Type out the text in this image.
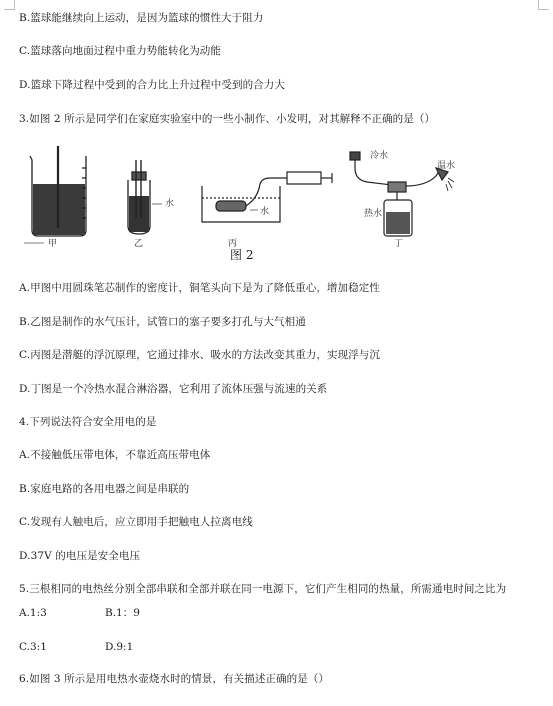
B.篮球能继续向上运动，是因为篮球的惯性大于阻力
C.篮球落向地面过程中重力势能转化为动能
D.篮球下降过程中受到的合力比上升过程中受到的合力大
3.如图 2 所示是同学们在家庭实验室中的一些小制作、小发明，对其解释不正确的是（）
甲
水
乙
水
丙
冷水
温水
热水
丁
图 2
A.甲图中用圆珠笔芯制作的密度计，铜笔头向下是为了降低重心，增加稳定性
B.乙图是制作的水气压计，试管口的塞子要多打孔与大气相通
C.丙图是潜艇的浮沉原理，它通过排水、吸水的方法改变其重力，实现浮与沉
D.丁图是一个冷热水混合淋浴器，它利用了流体压强与流速的关系
4.下列说法符合安全用电的是
A.不接触低压带电体，不靠近高压带电体
B.家庭电路的各用电器之间是串联的
C.发现有人触电后，应立即用手把触电人拉离电线
D.37V 的电压是安全电压
5.三根相同的电热丝分别全部串联和全部并联在同一电源下，它们产生相同的热量，所需通电时间之比为
A.1:3	B.1：9
C.3:1	D.9:1
6.如图 3 所示是用电热水壶烧水时的情景，有关描述正确的是（）
